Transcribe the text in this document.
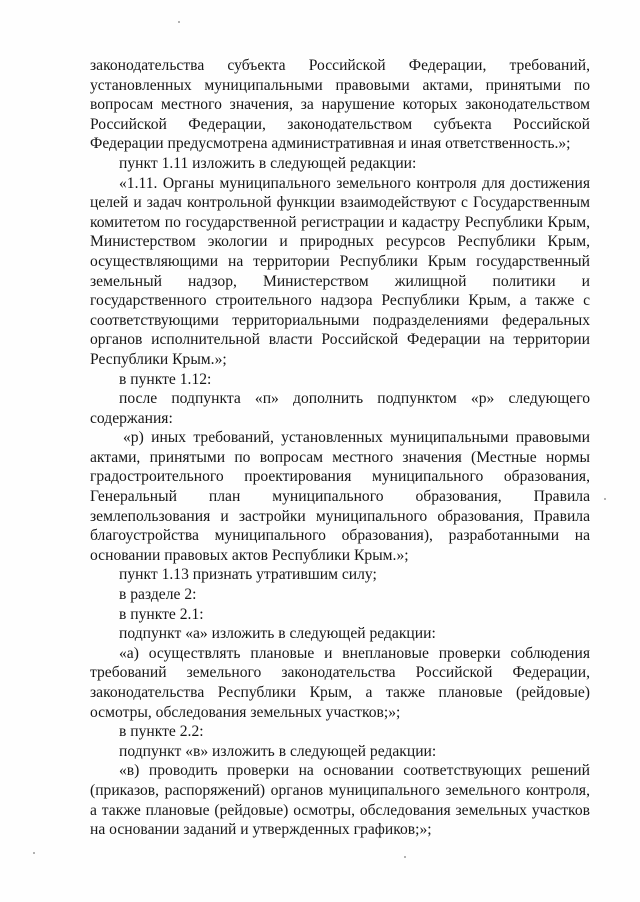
законодательства субъекта Российской Федерации, требований, установленных муниципальными правовыми актами, принятыми по вопросам местного значения, за нарушение которых законодательством Российской Федерации, законодательством субъекта Российской Федерации предусмотрена административная и иная ответственность.»;

пункт 1.11 изложить в следующей редакции:

«1.11. Органы муниципального земельного контроля для достижения целей и задач контрольной функции взаимодействуют с Государственным комитетом по государственной регистрации и кадастру Республики Крым, Министерством экологии и природных ресурсов Республики Крым, осуществляющими на территории Республики Крым государственный земельный надзор, Министерством жилищной политики и государственного строительного надзора Республики Крым, а также с соответствующими территориальными подразделениями федеральных органов исполнительной власти Российской Федерации на территории Республики Крым.»;

в пункте 1.12:

после подпункта «п» дополнить подпунктом «р» следующего содержания:

«р) иных требований, установленных муниципальными правовыми актами, принятыми по вопросам местного значения (Местные нормы градостроительного проектирования муниципального образования, Генеральный план муниципального образования, Правила землепользования и застройки муниципального образования, Правила благоустройства муниципального образования), разработанными на основании правовых актов Республики Крым.»;

пункт 1.13 признать утратившим силу;

в разделе 2:

в пункте 2.1:

подпункт «а» изложить в следующей редакции:

«а) осуществлять плановые и внеплановые проверки соблюдения требований земельного законодательства Российской Федерации, законодательства Республики Крым, а также плановые (рейдовые) осмотры, обследования земельных участков;»;

в пункте 2.2:

подпункт «в» изложить в следующей редакции:

«в) проводить проверки на основании соответствующих решений (приказов, распоряжений) органов муниципального земельного контроля, а также плановые (рейдовые) осмотры, обследования земельных участков на основании заданий и утвержденных графиков;»;
